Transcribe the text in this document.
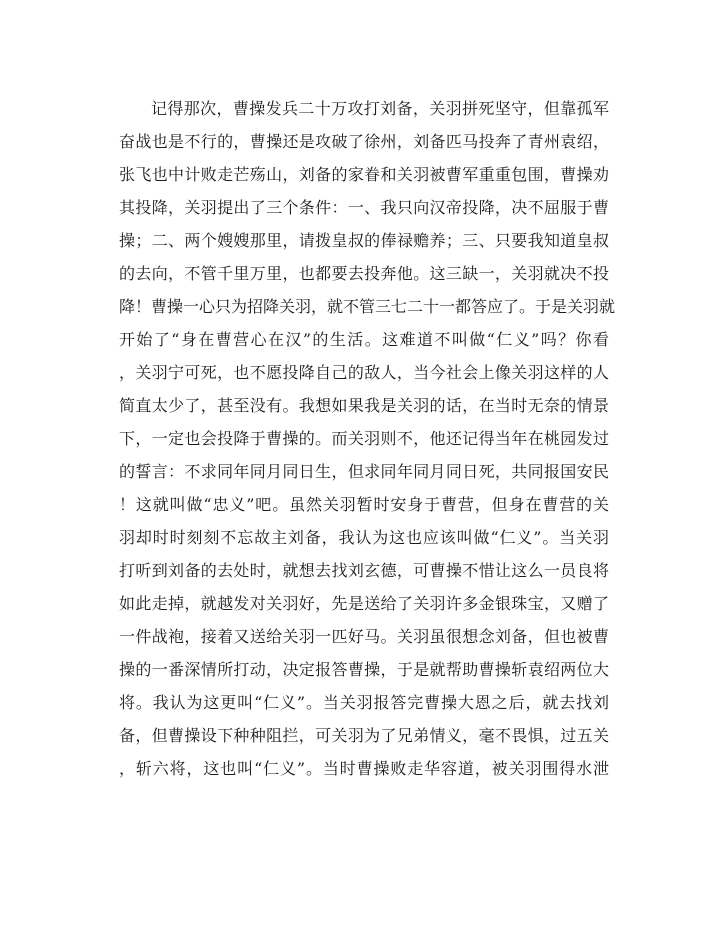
记得那次，曹操发兵二十万攻打刘备，关羽拼死坚守，但靠孤军
奋战也是不行的，曹操还是攻破了徐州，刘备匹马投奔了青州袁绍，
张飞也中计败走芒殇山，刘备的家眷和关羽被曹军重重包围，曹操劝
其投降，关羽提出了三个条件：一、我只向汉帝投降，决不屈服于曹
操；二、两个嫂嫂那里，请拨皇叔的俸禄赡养；三、只要我知道皇叔
的去向，不管千里万里，也都要去投奔他。这三缺一，关羽就决不投
降！曹操一心只为招降关羽，就不管三七二十一都答应了。于是关羽就
开始了“身在曹营心在汉”的生活。这难道不叫做“仁义”吗？你看
，关羽宁可死，也不愿投降自己的敌人，当今社会上像关羽这样的人
简直太少了，甚至没有。我想如果我是关羽的话，在当时无奈的情景
下，一定也会投降于曹操的。而关羽则不，他还记得当年在桃园发过
的誓言：不求同年同月同日生，但求同年同月同日死，共同报国安民
！这就叫做“忠义”吧。虽然关羽暂时安身于曹营，但身在曹营的关
羽却时时刻刻不忘故主刘备，我认为这也应该叫做“仁义”。当关羽
打听到刘备的去处时，就想去找刘玄德，可曹操不惜让这么一员良将
如此走掉，就越发对关羽好，先是送给了关羽许多金银珠宝，又赠了
一件战袍，接着又送给关羽一匹好马。关羽虽很想念刘备，但也被曹
操的一番深情所打动，决定报答曹操，于是就帮助曹操斩袁绍两位大
将。我认为这更叫“仁义”。当关羽报答完曹操大恩之后，就去找刘
备，但曹操设下种种阻拦，可关羽为了兄弟情义，毫不畏惧，过五关
，斩六将，这也叫“仁义”。当时曹操败走华容道，被关羽围得水泄
